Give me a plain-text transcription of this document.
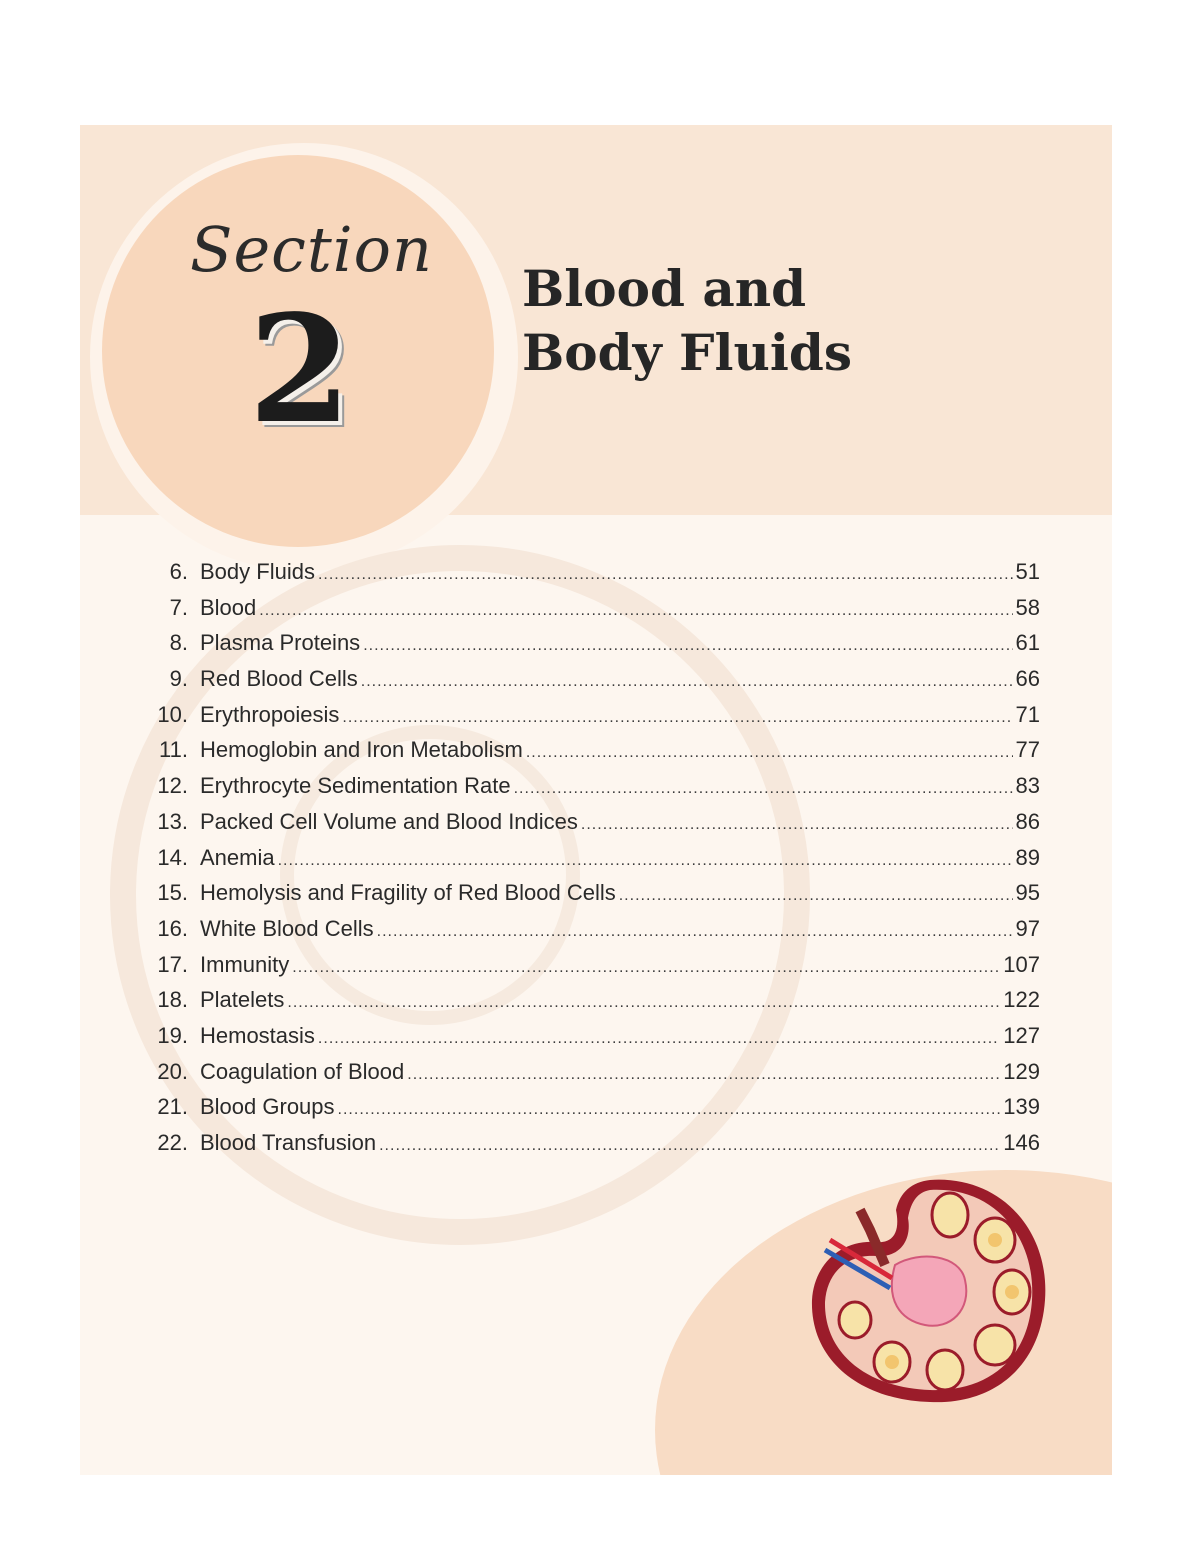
Section
2	Blood and
Body Fluids
6. Body Fluids .....	51
7. Blood .....	58
8. Plasma Proteins .....	61
9. Red Blood Cells .....	66
10. Erythropoiesis .....	71
11. Hemoglobin and Iron Metabolism .....	77
12. Erythrocyte Sedimentation Rate .....	83
13. Packed Cell Volume and Blood Indices .....	86
14. Anemia .....	89
15. Hemolysis and Fragility of Red Blood Cells .....	95
16. White Blood Cells .....	97
17. Immunity .....	107
18. Platelets .....	122
19. Hemostasis .....	127
20. Coagulation of Blood .....	129
21. Blood Groups .....	139
22. Blood Transfusion .....	146
